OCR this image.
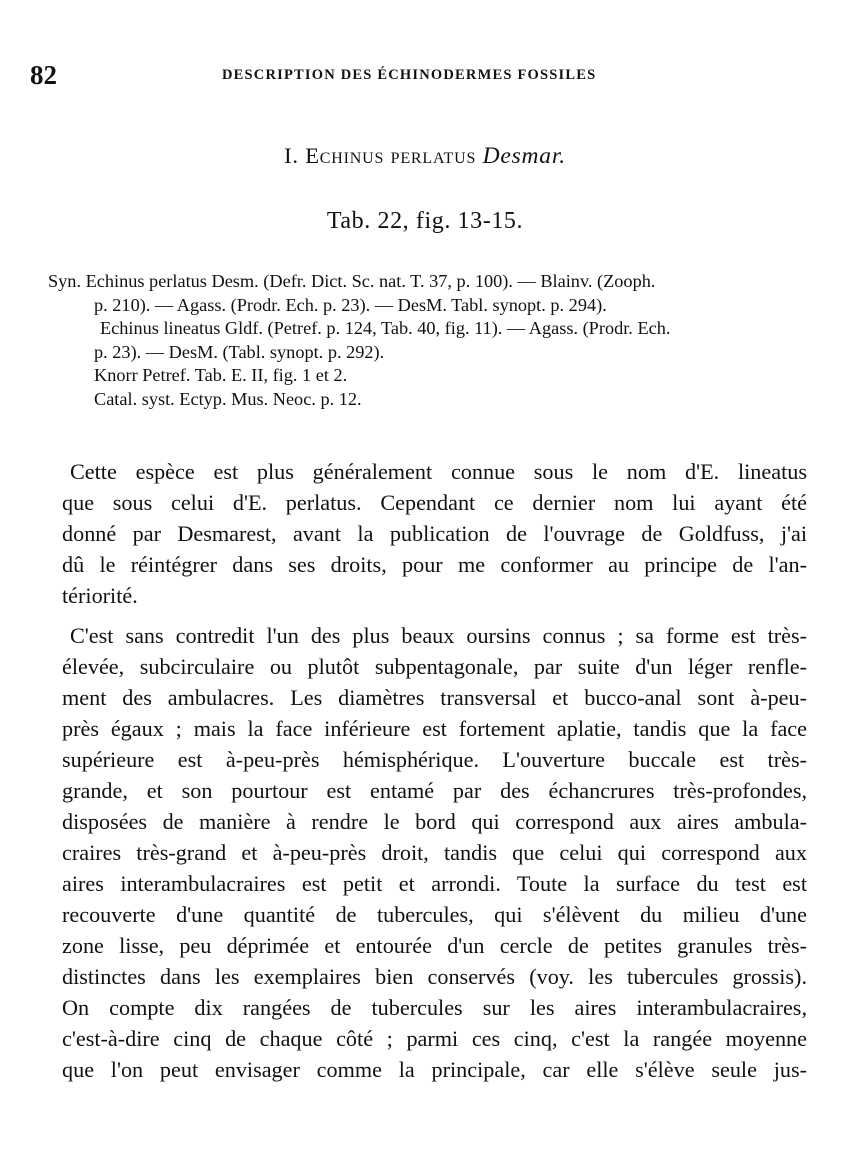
82	DESCRIPTION DES ÉCHINODERMES FOSSILES
I. Echinus perlatus Desmar.
Tab. 22, fig. 13-15.
Syn. Echinus perlatus Desm. (Defr. Dict. Sc. nat. T. 37, p. 100). — Blainv. (Zooph.
p. 210). — Agass. (Prodr. Ech. p. 23). — DesM. Tabl. synopt. p. 294).
Echinus lineatus Gldf. (Petref. p. 124, Tab. 40, fig. 11). — Agass. (Prodr. Ech.
p. 23). — DesM. (Tabl. synopt. p. 292).
Knorr Petref. Tab. E. II, fig. 1 et 2.
Catal. syst. Ectyp. Mus. Neoc. p. 12.
Cette espèce est plus généralement connue sous le nom d'E. lineatus
que sous celui d'E. perlatus. Cependant ce dernier nom lui ayant été
donné par Desmarest, avant la publication de l'ouvrage de Goldfuss, j'ai
dû le réintégrer dans ses droits, pour me conformer au principe de l'an-
tériorité.
C'est sans contredit l'un des plus beaux oursins connus ; sa forme est très-
élevée, subcirculaire ou plutôt subpentagonale, par suite d'un léger renfle-
ment des ambulacres. Les diamètres transversal et bucco-anal sont à-peu-
près égaux ; mais la face inférieure est fortement aplatie, tandis que la face
supérieure est à-peu-près hémisphérique. L'ouverture buccale est très-
grande, et son pourtour est entamé par des échancrures très-profondes,
disposées de manière à rendre le bord qui correspond aux aires ambula-
craires très-grand et à-peu-près droit, tandis que celui qui correspond aux
aires interambulacraires est petit et arrondi. Toute la surface du test est
recouverte d'une quantité de tubercules, qui s'élèvent du milieu d'une
zone lisse, peu déprimée et entourée d'un cercle de petites granules très-
distinctes dans les exemplaires bien conservés (voy. les tubercules grossis).
On compte dix rangées de tubercules sur les aires interambulacraires,
c'est-à-dire cinq de chaque côté ; parmi ces cinq, c'est la rangée moyenne
que l'on peut envisager comme la principale, car elle s'élève seule jus-
